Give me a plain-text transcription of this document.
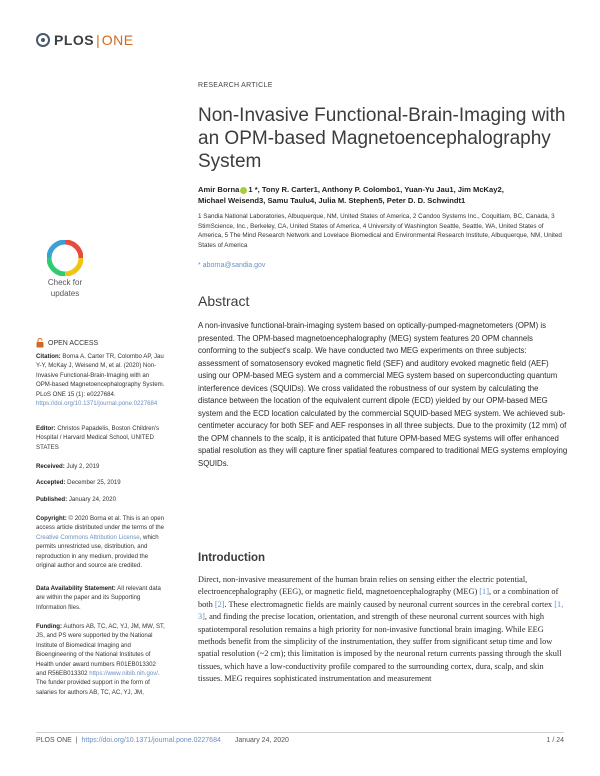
PLOS | ONE
Check for
updates
OPEN ACCESS
Citation: Borna A, Carter TR, Colombo AP, Jau Y-Y, McKay J, Weisend M, et al. (2020) Non-Invasive Functional-Brain-Imaging with an OPM-based Magnetoencephalography System. PLoS ONE 15 (1): e0227684. https://doi.org/10.1371/journal.pone.0227684
Editor: Christos Papadelis, Boston Children's Hospital / Harvard Medical School, UNITED STATES
Received: July 2, 2019
Accepted: December 25, 2019
Published: January 24, 2020
Copyright: © 2020 Borna et al. This is an open access article distributed under the terms of the Creative Commons Attribution License, which permits unrestricted use, distribution, and reproduction in any medium, provided the original author and source are credited.
Data Availability Statement: All relevant data are within the paper and its Supporting Information files.
Funding: Authors AB, TC, AC, YJ, JM, MW, ST, JS, and PS were supported by the National Institute of Biomedical Imaging and Bioengineering of the National Institutes of Health under award numbers R01EB013302 and R56EB013302 https://www.nibib.nih.gov/. The funder provided support in the form of salaries for authors AB, TC, AC, YJ, JM,
RESEARCH ARTICLE
Non-Invasive Functional-Brain-Imaging with an OPM-based Magnetoencephalography System
Amir Borna 1 *, Tony R. Carter1, Anthony P. Colombo1, Yuan-Yu Jau1, Jim McKay2,
Michael Weisend3, Samu Taulu4, Julia M. Stephen5, Peter D. D. Schwindt1
1 Sandia National Laboratories, Albuquerque, NM, United States of America, 2 Candoo Systems Inc., Coquitlam, BC, Canada, 3 StimScience, Inc., Berkeley, CA, United States of America, 4 University of Washington Seattle, Seattle, WA, United States of America, 5 The Mind Research Network and Lovelace Biomedical and Environmental Research Institute, Albuquerque, NM, United States of America
* aborna@sandia.gov
Abstract
A non-invasive functional-brain-imaging system based on optically-pumped-magnetometers (OPM) is presented. The OPM-based magnetoencephalography (MEG) system features 20 OPM channels conforming to the subject's scalp. We have conducted two MEG experiments on three subjects: assessment of somatosensory evoked magnetic field (SEF) and auditory evoked magnetic field (AEF) using our OPM-based MEG system and a commercial MEG system based on superconducting quantum interference devices (SQUIDs). We cross validated the robustness of our system by calculating the distance between the location of the equivalent current dipole (ECD) yielded by our OPM-based MEG system and the ECD location calculated by the commercial SQUID-based MEG system. We achieved sub-centimeter accuracy for both SEF and AEF responses in all three subjects. Due to the proximity (12 mm) of the OPM channels to the scalp, it is anticipated that future OPM-based MEG systems will offer enhanced spatial resolution as they will capture finer spatial features compared to traditional MEG systems employing SQUIDs.
Introduction
Direct, non-invasive measurement of the human brain relies on sensing either the electric potential, electroencephalography (EEG), or magnetic field, magnetoencephalography (MEG) [1], or a combination of both [2]. These electromagnetic fields are mainly caused by neuronal current sources in the cerebral cortex [1, 3], and finding the precise location, orientation, and strength of these neuronal current sources with high spatiotemporal resolution remains a high priority for non-invasive functional brain imaging. While EEG methods benefit from the simplicity of the instrumentation, they suffer from significant setup time and low spatial resolution (~2 cm); this limitation is imposed by the neuronal return currents passing through the skull tissues, which have a low-conductivity profile compared to the surrounding cortex, dura, scalp, and skin tissues. MEG requires sophisticated instrumentation and measurement
PLOS ONE | https://doi.org/10.1371/journal.pone.0227684 January 24, 2020	1 / 24
